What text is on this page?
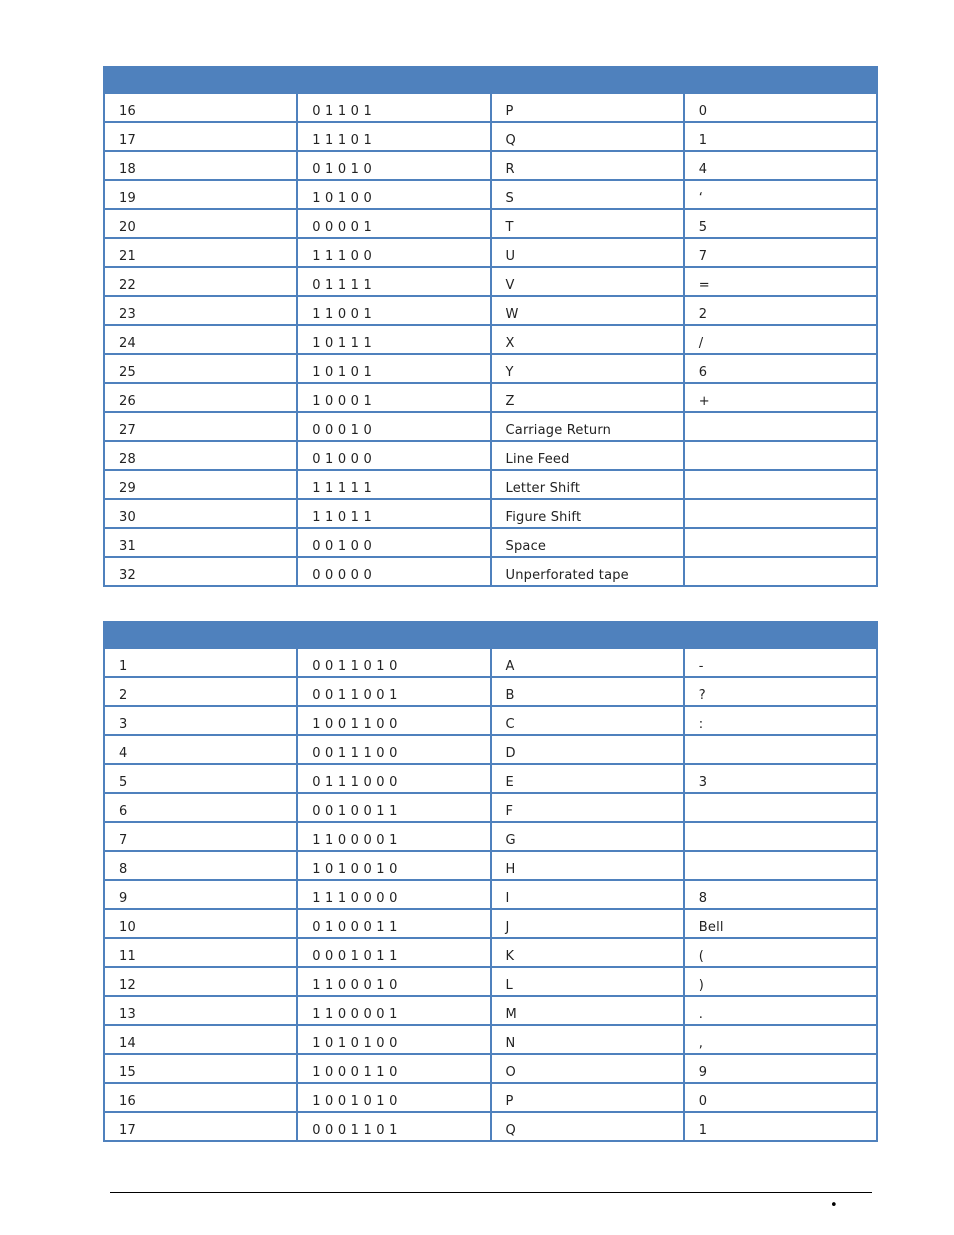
16	0 1 1 0 1	P	0
17	1 1 1 0 1	Q	1
18	0 1 0 1 0	R	4
19	1 0 1 0 0	S	‘
20	0 0 0 0 1	T	5
21	1 1 1 0 0	U	7
22	0 1 1 1 1	V	=
23	1 1 0 0 1	W	2
24	1 0 1 1 1	X	/
25	1 0 1 0 1	Y	6
26	1 0 0 0 1	Z	+
27	0 0 0 1 0	Carriage Return	
28	0 1 0 0 0	Line Feed	
29	1 1 1 1 1	Letter Shift	
30	1 1 0 1 1	Figure Shift	
31	0 0 1 0 0	Space	
32	0 0 0 0 0	Unperforated tape	

1	0 0 1 1 0 1 0	A	-
2	0 0 1 1 0 0 1	B	?
3	1 0 0 1 1 0 0	C	:
4	0 0 1 1 1 0 0	D	
5	0 1 1 1 0 0 0	E	3
6	0 0 1 0 0 1 1	F	
7	1 1 0 0 0 0 1	G	
8	1 0 1 0 0 1 0	H	
9	1 1 1 0 0 0 0	I	8
10	0 1 0 0 0 1 1	J	Bell
11	0 0 0 1 0 1 1	K	(
12	1 1 0 0 0 1 0	L	)
13	1 1 0 0 0 0 1	M	.
14	1 0 1 0 1 0 0	N	,
15	1 0 0 0 1 1 0	O	9
16	1 0 0 1 0 1 0	P	0
17	0 0 0 1 1 0 1	Q	1
•
